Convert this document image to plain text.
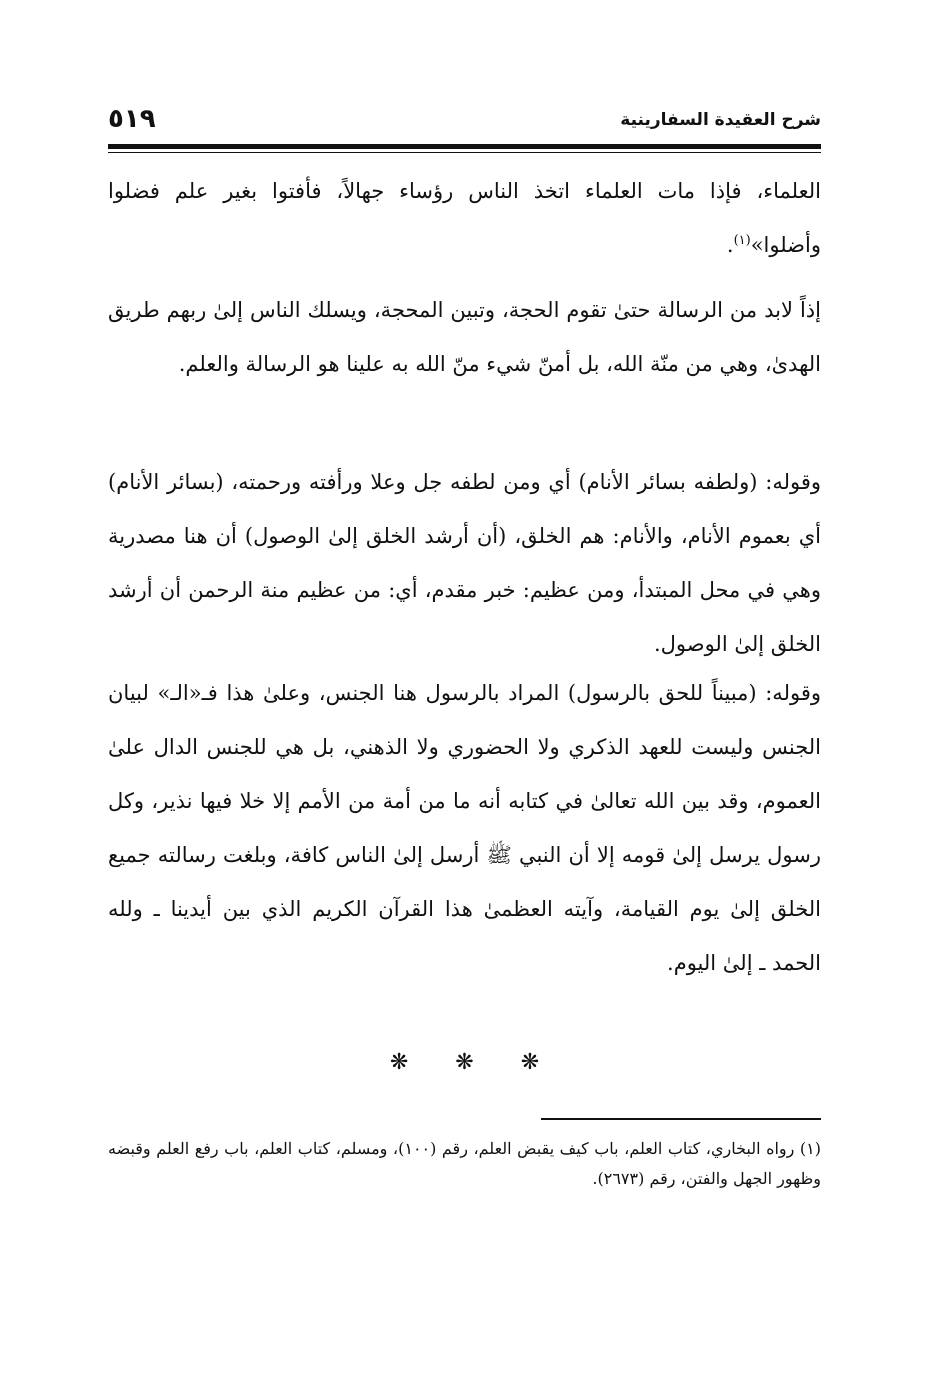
شرح العقيدة السفارينية
٥١٩

العلماء، فإذا مات العلماء اتخذ الناس رؤساء جهالاً، فأفتوا بغير علم فضلوا وأضلوا»$^{(١)}$.

إذاً لابد من الرسالة حتىٰ تقوم الحجة، وتبين المحجة، ويسلك الناس إلىٰ ربهم طريق الهدىٰ، وهي من منّة الله، بل أمنّ شيء منّ الله به علينا هو الرسالة والعلم.

وقوله: (ولطفه بسائر الأنام) أي ومن لطفه جل وعلا ورأفته ورحمته، (بسائر الأنام) أي بعموم الأنام، والأنام: هم الخلق، (أن أرشد الخلق إلىٰ الوصول) أن هنا مصدرية وهي في محل المبتدأ، ومن عظيم: خبر مقدم، أي: من عظيم منة الرحمن أن أرشد الخلق إلىٰ الوصول.

وقوله: (مبيناً للحق بالرسول) المراد بالرسول هنا الجنس، وعلىٰ هذا فـ«الـ» لبيان الجنس وليست للعهد الذكري ولا الحضوري ولا الذهني، بل هي للجنس الدال علىٰ العموم، وقد بين الله تعالىٰ في كتابه أنه ما من أمة من الأمم إلا خلا فيها نذير، وكل رسول يرسل إلىٰ قومه إلا أن النبي ﷺ أرسل إلىٰ الناس كافة، وبلغت رسالته جميع الخلق إلىٰ يوم القيامة، وآيته العظمىٰ هذا القرآن الكريم الذي بين أيدينا ـ ولله الحمد ـ إلىٰ اليوم.

❋ ❋ ❋

(١) رواه البخاري، كتاب العلم، باب كيف يقبض العلم، رقم (١٠٠)، ومسلم، كتاب العلم، باب رفع العلم وقبضه وظهور الجهل والفتن، رقم (٢٦٧٣).
